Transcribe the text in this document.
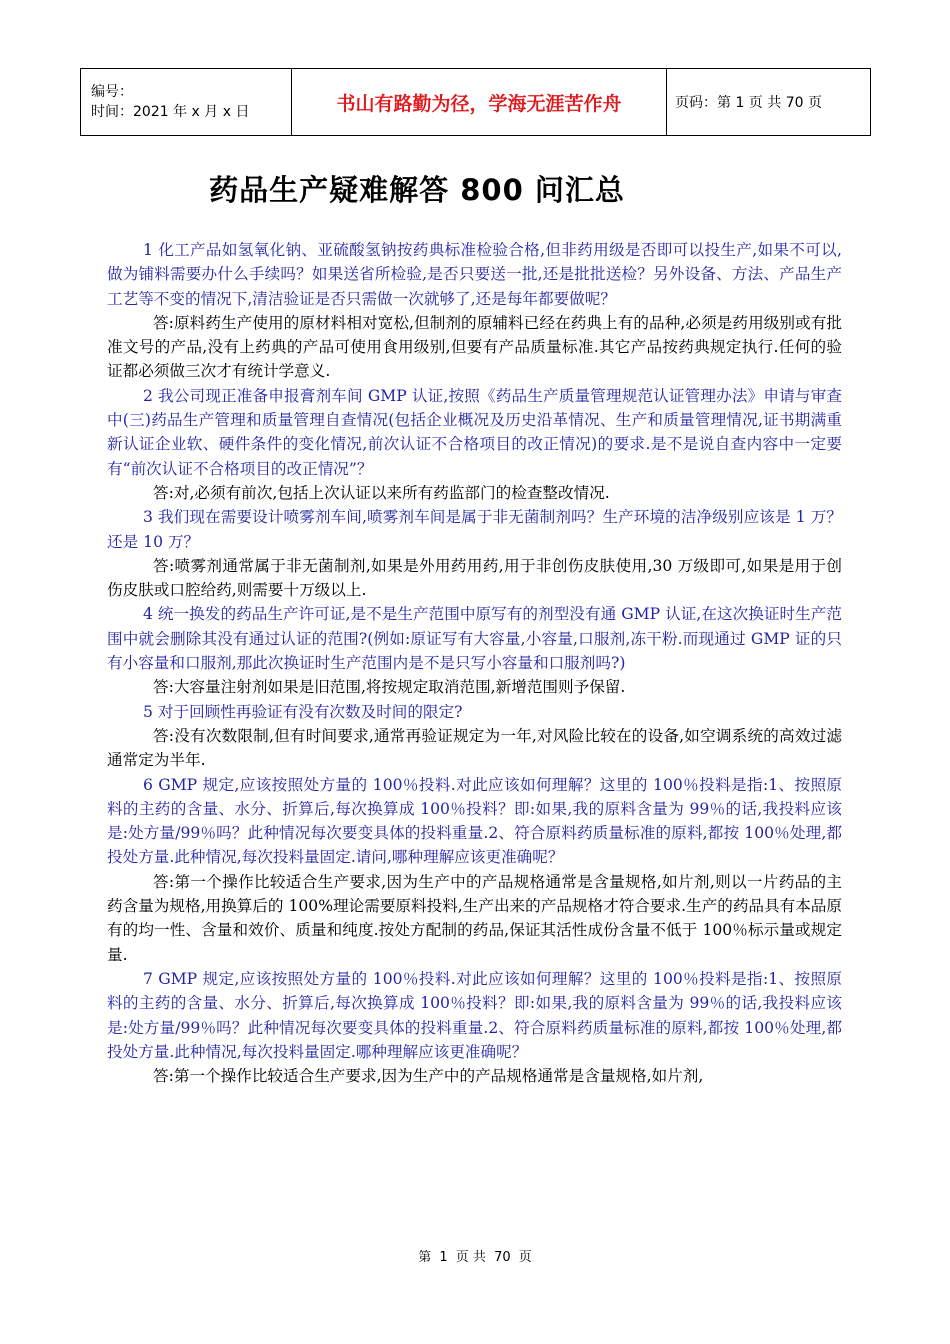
编号：
时间：2021 年 x 月 x 日	书山有路勤为径，学海无涯苦作舟	页码：第 1 页 共 70 页
药品生产疑难解答 800 问汇总

1 化工产品如氢氧化钠、亚硫酸氢钠按药典标准检验合格,但非药用级是否即可以投生产,如果不可以,做为铺料需要办什么手续吗？如果送省所检验,是否只要送一批,还是批批送检？另外设备、方法、产品生产工艺等不变的情况下,清洁验证是否只需做一次就够了,还是每年都要做呢？

答:原料药生产使用的原材料相对宽松,但制剂的原辅料已经在药典上有的品种,必须是药用级别或有批准文号的产品,没有上药典的产品可使用食用级别,但要有产品质量标准.其它产品按药典规定执行.任何的验证都必须做三次才有统计学意义.

2 我公司现正准备申报膏剂车间 GMP 认证,按照《药品生产质量管理规范认证管理办法》申请与审查中(三)药品生产管理和质量管理自查情况(包括企业概况及历史沿革情况、生产和质量管理情况,证书期满重新认证企业软、硬件条件的变化情况,前次认证不合格项目的改正情况)的要求.是不是说自查内容中一定要有“前次认证不合格项目的改正情况”？

答:对,必须有前次,包括上次认证以来所有药监部门的检查整改情况.

3 我们现在需要设计喷雾剂车间,喷雾剂车间是属于非无菌制剂吗？生产环境的洁净级别应该是 1 万？还是 10 万？

答:喷雾剂通常属于非无菌制剂,如果是外用药用药,用于非创伤皮肤使用,30 万级即可,如果是用于创伤皮肤或口腔给药,则需要十万级以上.

4 统一换发的药品生产许可证,是不是生产范围中原写有的剂型没有通 GMP 认证,在这次换证时生产范围中就会删除其没有通过认证的范围?(例如:原证写有大容量,小容量,口服剂,冻干粉.而现通过 GMP 证的只有小容量和口服剂,那此次换证时生产范围内是不是只写小容量和口服剂吗?)

答:大容量注射剂如果是旧范围,将按规定取消范围,新增范围则予保留.

5 对于回顾性再验证有没有次数及时间的限定?

答:没有次数限制,但有时间要求,通常再验证规定为一年,对风险比较在的设备,如空调系统的高效过滤通常定为半年.

6 GMP 规定,应该按照处方量的 100％投料.对此应该如何理解？这里的 100％投料是指:1、按照原料的主药的含量、水分、折算后,每次换算成 100％投料？即:如果,我的原料含量为 99％的话,我投料应该是:处方量/99％吗？此种情况每次要变具体的投料重量.2、符合原料药质量标准的原料,都按 100％处理,都投处方量.此种情况,每次投料量固定.请问,哪种理解应该更准确呢？

答:第一个操作比较适合生产要求,因为生产中的产品规格通常是含量规格,如片剂,则以一片药品的主药含量为规格,用换算后的 100%理论需要原料投料,生产出来的产品规格才符合要求.生产的药品具有本品原有的均一性、含量和效价、质量和纯度.按处方配制的药品,保证其活性成份含量不低于 100％标示量或规定量.

7 GMP 规定,应该按照处方量的 100％投料.对此应该如何理解？这里的 100％投料是指:1、按照原料的主药的含量、水分、折算后,每次换算成 100％投料？即:如果,我的原料含量为 99％的话,我投料应该是:处方量/99％吗？此种情况每次要变具体的投料重量.2、符合原料药质量标准的原料,都按 100％处理,都投处方量.此种情况,每次投料量固定.哪种理解应该更准确呢？

答:第一个操作比较适合生产要求,因为生产中的产品规格通常是含量规格,如片剂,

第 1 页 共 70 页
